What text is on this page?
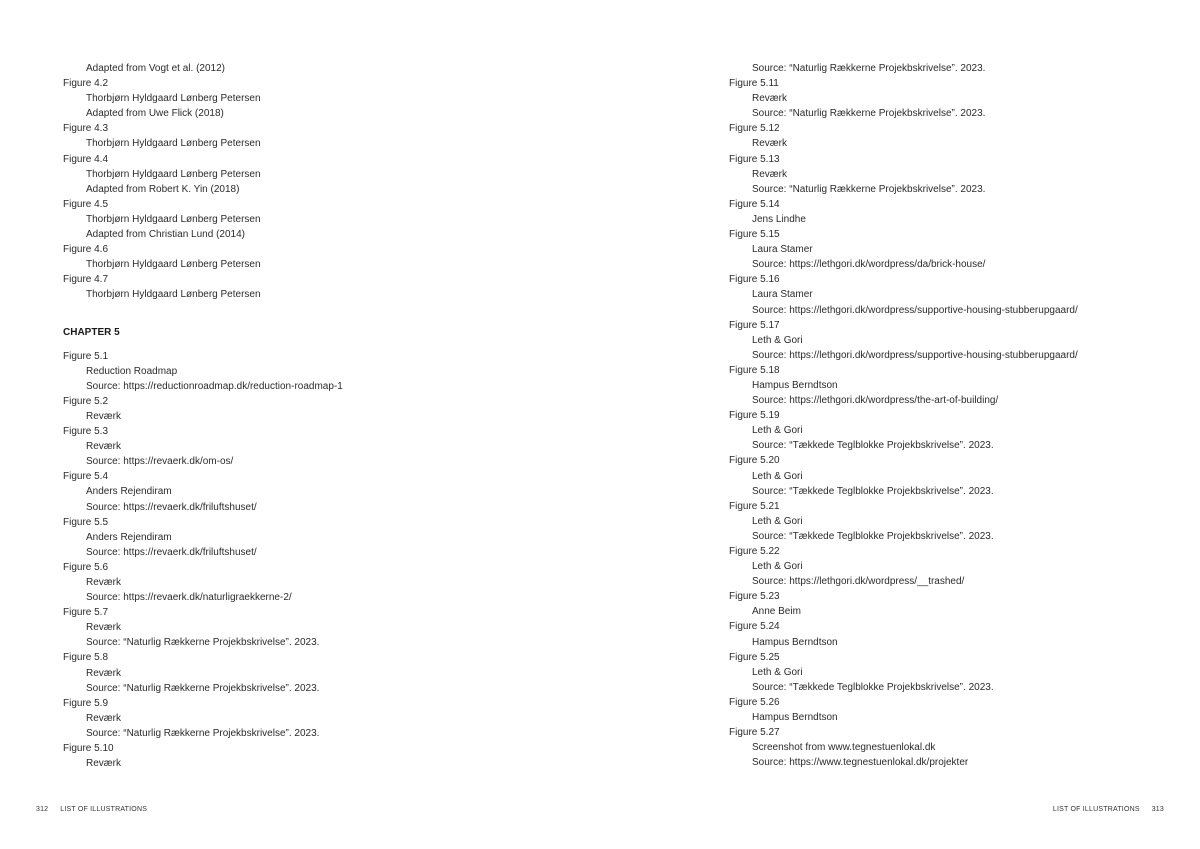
Adapted from Vogt et al. (2012)
Figure 4.2
Thorbjørn Hyldgaard Lønberg Petersen
Adapted from Uwe Flick (2018)
Figure 4.3
Thorbjørn Hyldgaard Lønberg Petersen
Figure 4.4
Thorbjørn Hyldgaard Lønberg Petersen
Adapted from Robert K. Yin (2018)
Figure 4.5
Thorbjørn Hyldgaard Lønberg Petersen
Adapted from Christian Lund (2014)
Figure 4.6
Thorbjørn Hyldgaard Lønberg Petersen
Figure 4.7
Thorbjørn Hyldgaard Lønberg Petersen
CHAPTER 5
Figure 5.1
Reduction Roadmap
Source: https://reductionroadmap.dk/reduction-roadmap-1
Figure 5.2
Reværk
Figure 5.3
Reværk
Source: https://revaerk.dk/om-os/
Figure 5.4
Anders Rejendiram
Source: https://revaerk.dk/friluftshuset/
Figure 5.5
Anders Rejendiram
Source: https://revaerk.dk/friluftshuset/
Figure 5.6
Reværk
Source: https://revaerk.dk/naturligraekkerne-2/
Figure 5.7
Reværk
Source: “Naturlig Rækkerne Projekbskrivelse”. 2023.
Figure 5.8
Reværk
Source: “Naturlig Rækkerne Projekbskrivelse”. 2023.
Figure 5.9
Reværk
Source: “Naturlig Rækkerne Projekbskrivelse”. 2023.
Figure 5.10
Reværk
312 LIST OF ILLUSTRATIONS	LIST OF ILLUSTRATIONS 313
Source: “Naturlig Rækkerne Projekbskrivelse”. 2023.
Figure 5.11
Reværk
Source: “Naturlig Rækkerne Projekbskrivelse”. 2023.
Figure 5.12
Reværk
Figure 5.13
Reværk
Source: “Naturlig Rækkerne Projekbskrivelse”. 2023.
Figure 5.14
Jens Lindhe
Figure 5.15
Laura Stamer
Source: https://lethgori.dk/wordpress/da/brick-house/
Figure 5.16
Laura Stamer
Source: https://lethgori.dk/wordpress/supportive-housing-stubberupgaard/
Figure 5.17
Leth & Gori
Source: https://lethgori.dk/wordpress/supportive-housing-stubberupgaard/
Figure 5.18
Hampus Berndtson
Source: https://lethgori.dk/wordpress/the-art-of-building/
Figure 5.19
Leth & Gori
Source: “Tækkede Teglblokke Projekbskrivelse”. 2023.
Figure 5.20
Leth & Gori
Source: “Tækkede Teglblokke Projekbskrivelse”. 2023.
Figure 5.21
Leth & Gori
Source: “Tækkede Teglblokke Projekbskrivelse”. 2023.
Figure 5.22
Leth & Gori
Source: https://lethgori.dk/wordpress/__trashed/
Figure 5.23
Anne Beim
Figure 5.24
Hampus Berndtson
Figure 5.25
Leth & Gori
Source: “Tækkede Teglblokke Projekbskrivelse”. 2023.
Figure 5.26
Hampus Berndtson
Figure 5.27
Screenshot from www.tegnestuenlokal.dk
Source: https://www.tegnestuenlokal.dk/projekter
